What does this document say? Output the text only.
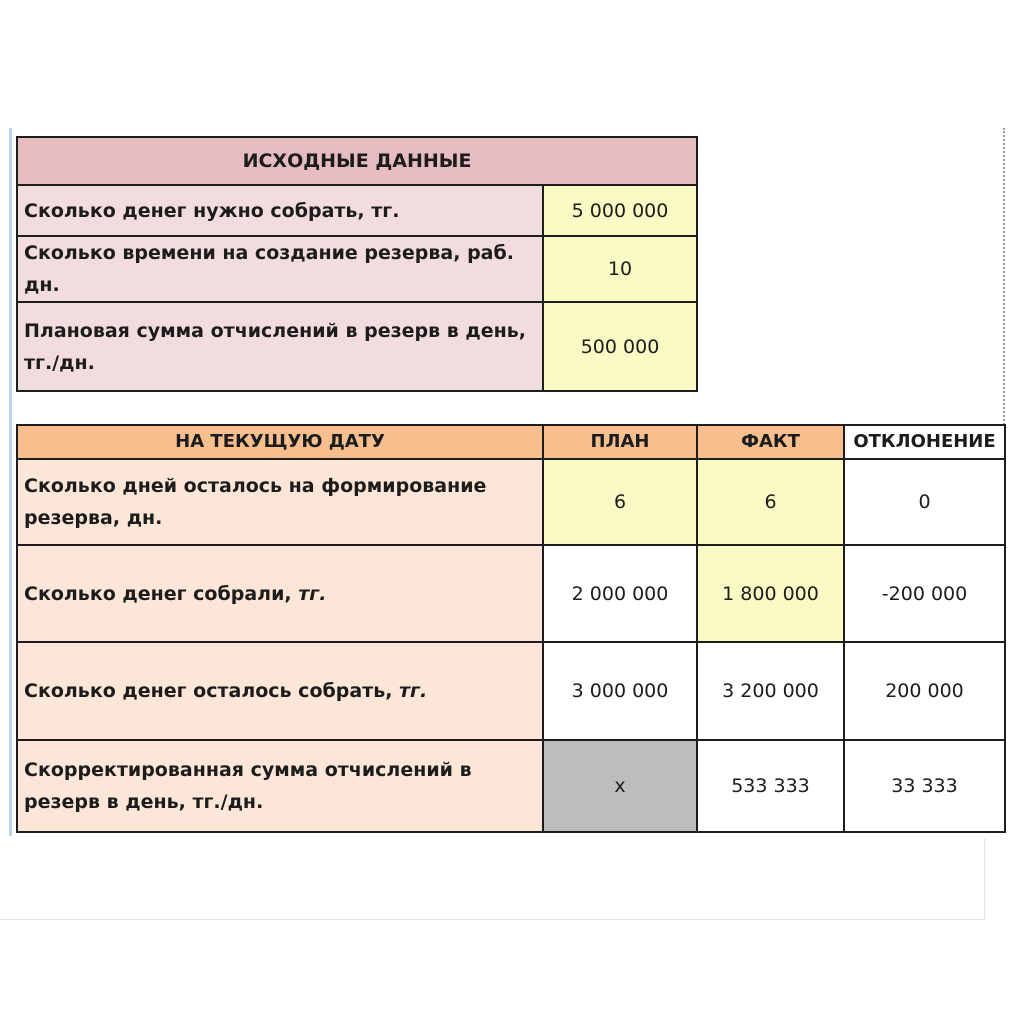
ИСХОДНЫЕ ДАННЫЕ	
Сколько денег нужно собрать, тг.	5 000 000
Сколько времени на создание резерва, раб. дн.	10
Плановая сумма отчислений в резерв в день, тг./дн.	500 000
НА ТЕКУЩУЮ ДАТУ	ПЛАН	ФАКТ	ОТКЛОНЕНИЕ
Сколько дней осталось на формирование резерва, дн.	6	6	0
Сколько денег собрали, тг.	2 000 000	1 800 000	-200 000
Сколько денег осталось собрать, тг.	3 000 000	3 200 000	200 000
Скорректированная сумма отчислений в резерв в день, тг./дн.	х	533 333	33 333
